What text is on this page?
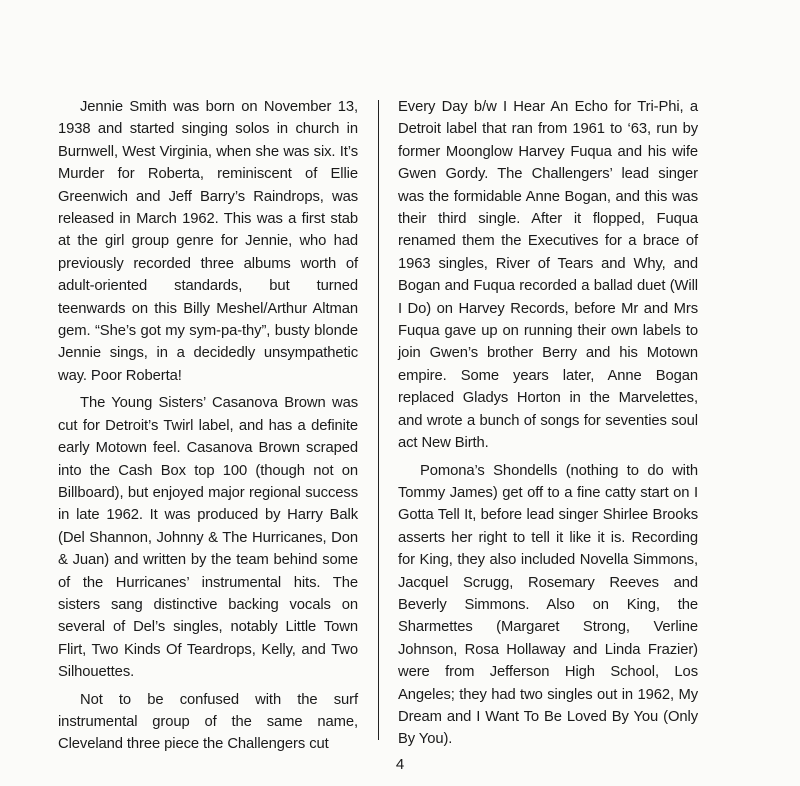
Jennie Smith was born on November 13, 1938 and started singing solos in church in Burnwell, West Virginia, when she was six. It’s Murder for Roberta, reminiscent of Ellie Greenwich and Jeff Barry’s Raindrops, was released in March 1962. This was a first stab at the girl group genre for Jennie, who had previously recorded three albums worth of adult-oriented standards, but turned teenwards on this Billy Meshel/Arthur Altman gem. “She’s got my sym-pa-thy”, busty blonde Jennie sings, in a decidedly unsympathetic way. Poor Roberta!

The Young Sisters’ Casanova Brown was cut for Detroit’s Twirl label, and has a definite early Motown feel. Casanova Brown scraped into the Cash Box top 100 (though not on Billboard), but enjoyed major regional success in late 1962. It was produced by Harry Balk (Del Shannon, Johnny & The Hurricanes, Don & Juan) and written by the team behind some of the Hurricanes’ instrumental hits. The sisters sang distinctive backing vocals on several of Del’s singles, notably Little Town Flirt, Two Kinds Of Teardrops, Kelly, and Two Silhouettes.

Not to be confused with the surf instrumental group of the same name, Cleveland three piece the Challengers cut

Every Day b/w I Hear An Echo for Tri-Phi, a Detroit label that ran from 1961 to ‘63, run by former Moonglow Harvey Fuqua and his wife Gwen Gordy. The Challengers’ lead singer was the formidable Anne Bogan, and this was their third single. After it flopped, Fuqua renamed them the Executives for a brace of 1963 singles, River of Tears and Why, and Bogan and Fuqua recorded a ballad duet (Will I Do) on Harvey Records, before Mr and Mrs Fuqua gave up on running their own labels to join Gwen’s brother Berry and his Motown empire. Some years later, Anne Bogan replaced Gladys Horton in the Marvelettes, and wrote a bunch of songs for seventies soul act New Birth.

Pomona’s Shondells (nothing to do with Tommy James) get off to a fine catty start on I Gotta Tell It, before lead singer Shirlee Brooks asserts her right to tell it like it is. Recording for King, they also included Novella Simmons, Jacquel Scrugg, Rosemary Reeves and Beverly Simmons. Also on King, the Sharmettes (Margaret Strong, Verline Johnson, Rosa Hollaway and Linda Frazier) were from Jefferson High School, Los Angeles; they had two singles out in 1962, My Dream and I Want To Be Loved By You (Only By You).

4
